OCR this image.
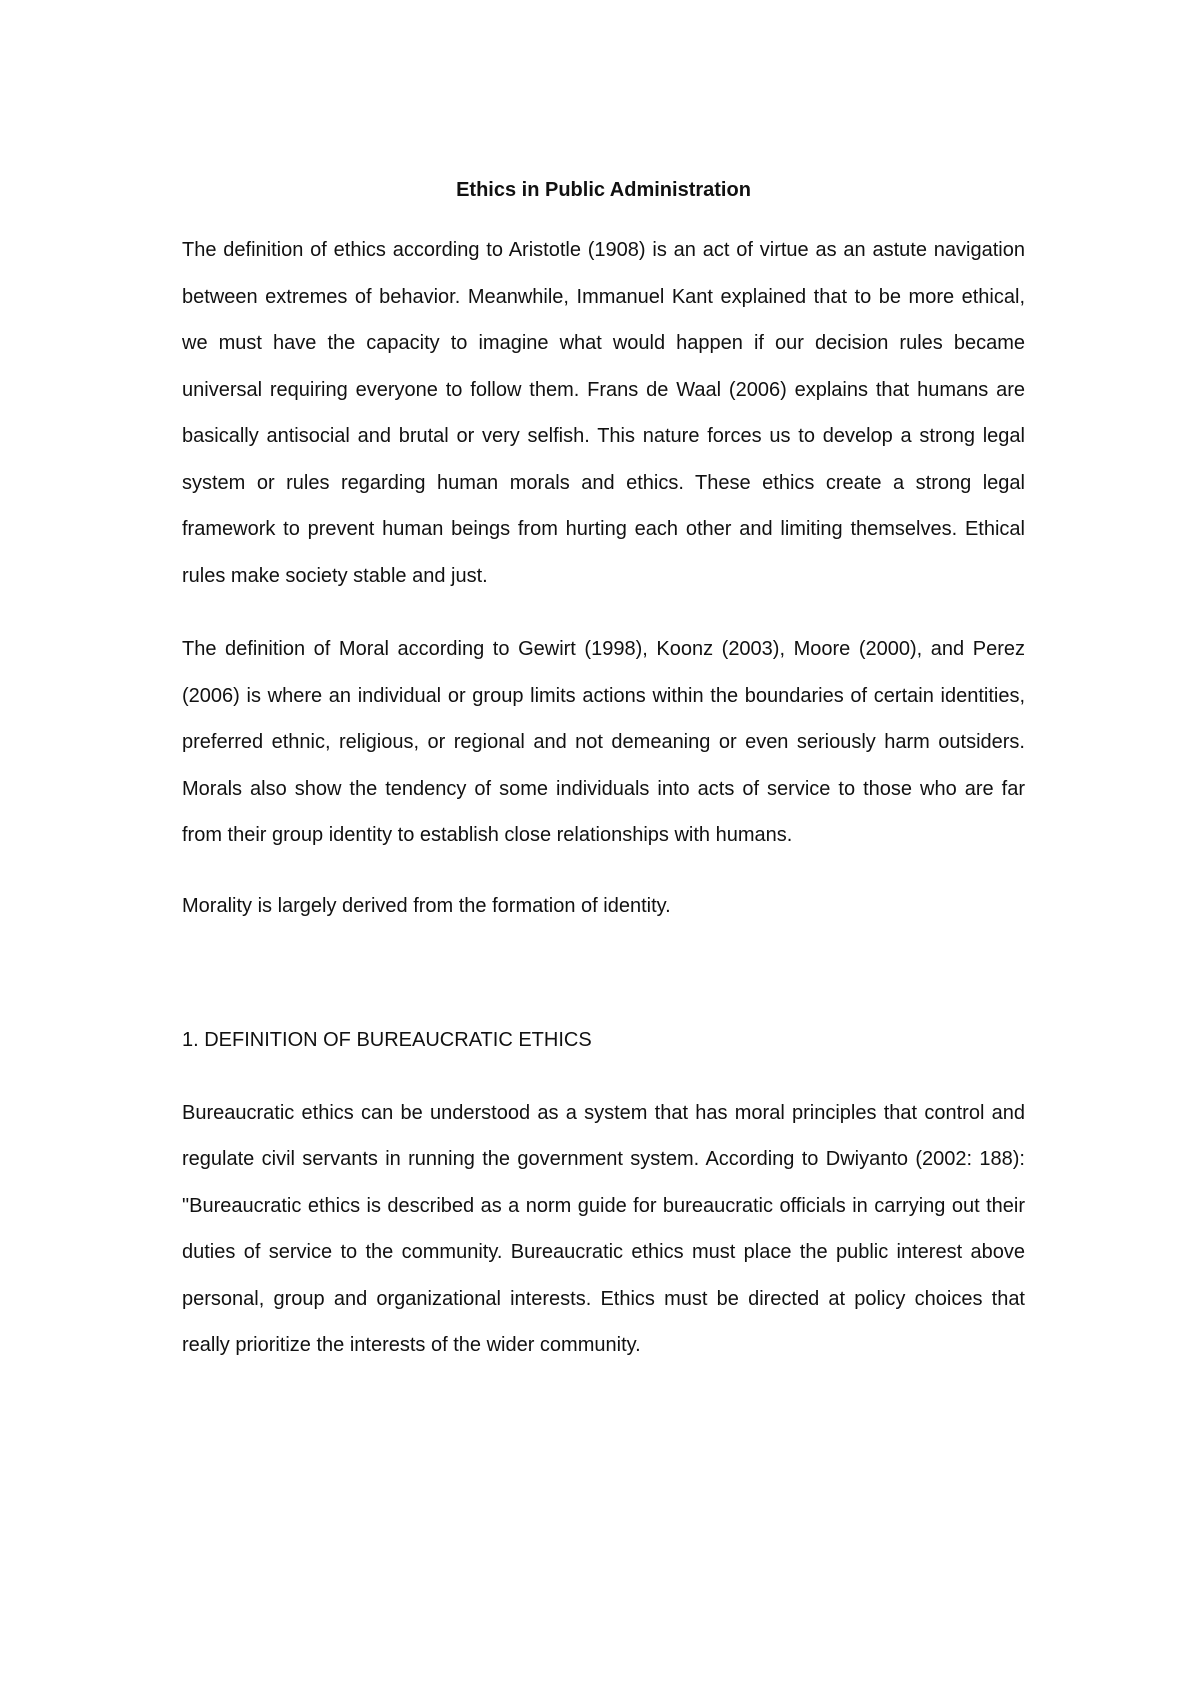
Ethics in Public Administration

The definition of ethics according to Aristotle (1908) is an act of virtue as an astute navigation between extremes of behavior. Meanwhile, Immanuel Kant explained that to be more ethical, we must have the capacity to imagine what would happen if our decision rules became universal requiring everyone to follow them. Frans de Waal (2006) explains that humans are basically antisocial and brutal or very selfish. This nature forces us to develop a strong legal system or rules regarding human morals and ethics. These ethics create a strong legal framework to prevent human beings from hurting each other and limiting themselves. Ethical rules make society stable and just.

The definition of Moral according to Gewirt (1998), Koonz (2003), Moore (2000), and Perez (2006) is where an individual or group limits actions within the boundaries of certain identities, preferred ethnic, religious, or regional and not demeaning or even seriously harm outsiders. Morals also show the tendency of some individuals into acts of service to those who are far from their group identity to establish close relationships with humans.

Morality is largely derived from the formation of identity.

1. DEFINITION OF BUREAUCRATIC ETHICS

Bureaucratic ethics can be understood as a system that has moral principles that control and regulate civil servants in running the government system. According to Dwiyanto (2002: 188): "Bureaucratic ethics is described as a norm guide for bureaucratic officials in carrying out their duties of service to the community. Bureaucratic ethics must place the public interest above personal, group and organizational interests. Ethics must be directed at policy choices that really prioritize the interests of the wider community.
